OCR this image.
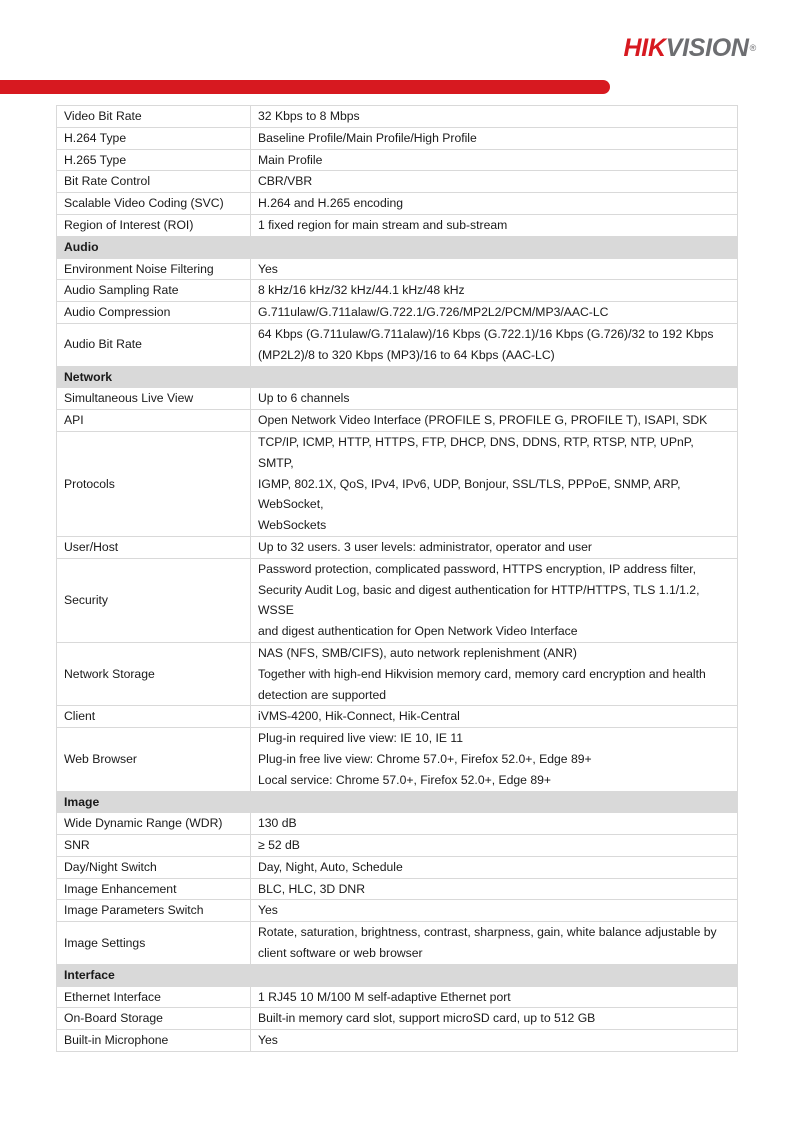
HIKVISION®
Video Bit Rate	32 Kbps to 8 Mbps

H.264 Type	Baseline Profile/Main Profile/High Profile

H.265 Type	Main Profile

Bit Rate Control	CBR/VBR

Scalable Video Coding (SVC)	H.264 and H.265 encoding

Region of Interest (ROI)	1 fixed region for main stream and sub-stream

Audio	
Environment Noise Filtering	Yes

Audio Sampling Rate	8 kHz/16 kHz/32 kHz/44.1 kHz/48 kHz

Audio Compression	G.711ulaw/G.711alaw/G.722.1/G.726/MP2L2/PCM/MP3/AAC-LC

Audio Bit Rate	64 Kbps (G.711ulaw/G.711alaw)/16 Kbps (G.722.1)/16 Kbps (G.726)/32 to 192 Kbps
(MP2L2)/8 to 320 Kbps (MP3)/16 to 64 Kbps (AAC-LC)

Network	
Simultaneous Live View	Up to 6 channels

API	Open Network Video Interface (PROFILE S, PROFILE G, PROFILE T), ISAPI, SDK

Protocols	TCP/IP, ICMP, HTTP, HTTPS, FTP, DHCP, DNS, DDNS, RTP, RTSP, NTP, UPnP, SMTP,
IGMP, 802.1X, QoS, IPv4, IPv6, UDP, Bonjour, SSL/TLS, PPPoE, SNMP, ARP, WebSocket,
WebSockets

User/Host	Up to 32 users. 3 user levels: administrator, operator and user

Security	Password protection, complicated password, HTTPS encryption, IP address filter,
Security Audit Log, basic and digest authentication for HTTP/HTTPS, TLS 1.1/1.2, WSSE
and digest authentication for Open Network Video Interface

Network Storage	NAS (NFS, SMB/CIFS), auto network replenishment (ANR)
Together with high-end Hikvision memory card, memory card encryption and health
detection are supported

Client	iVMS-4200, Hik-Connect, Hik-Central

Web Browser	Plug-in required live view: IE 10, IE 11
Plug-in free live view: Chrome 57.0+, Firefox 52.0+, Edge 89+
Local service: Chrome 57.0+, Firefox 52.0+, Edge 89+

Image	
Wide Dynamic Range (WDR)	130 dB

SNR	≥ 52 dB

Day/Night Switch	Day, Night, Auto, Schedule

Image Enhancement	BLC, HLC, 3D DNR

Image Parameters Switch	Yes

Image Settings	Rotate, saturation, brightness, contrast, sharpness, gain, white balance adjustable by
client software or web browser

Interface	
Ethernet Interface	1 RJ45 10 M/100 M self-adaptive Ethernet port

On-Board Storage	Built-in memory card slot, support microSD card, up to 512 GB

Built-in Microphone	Yes
